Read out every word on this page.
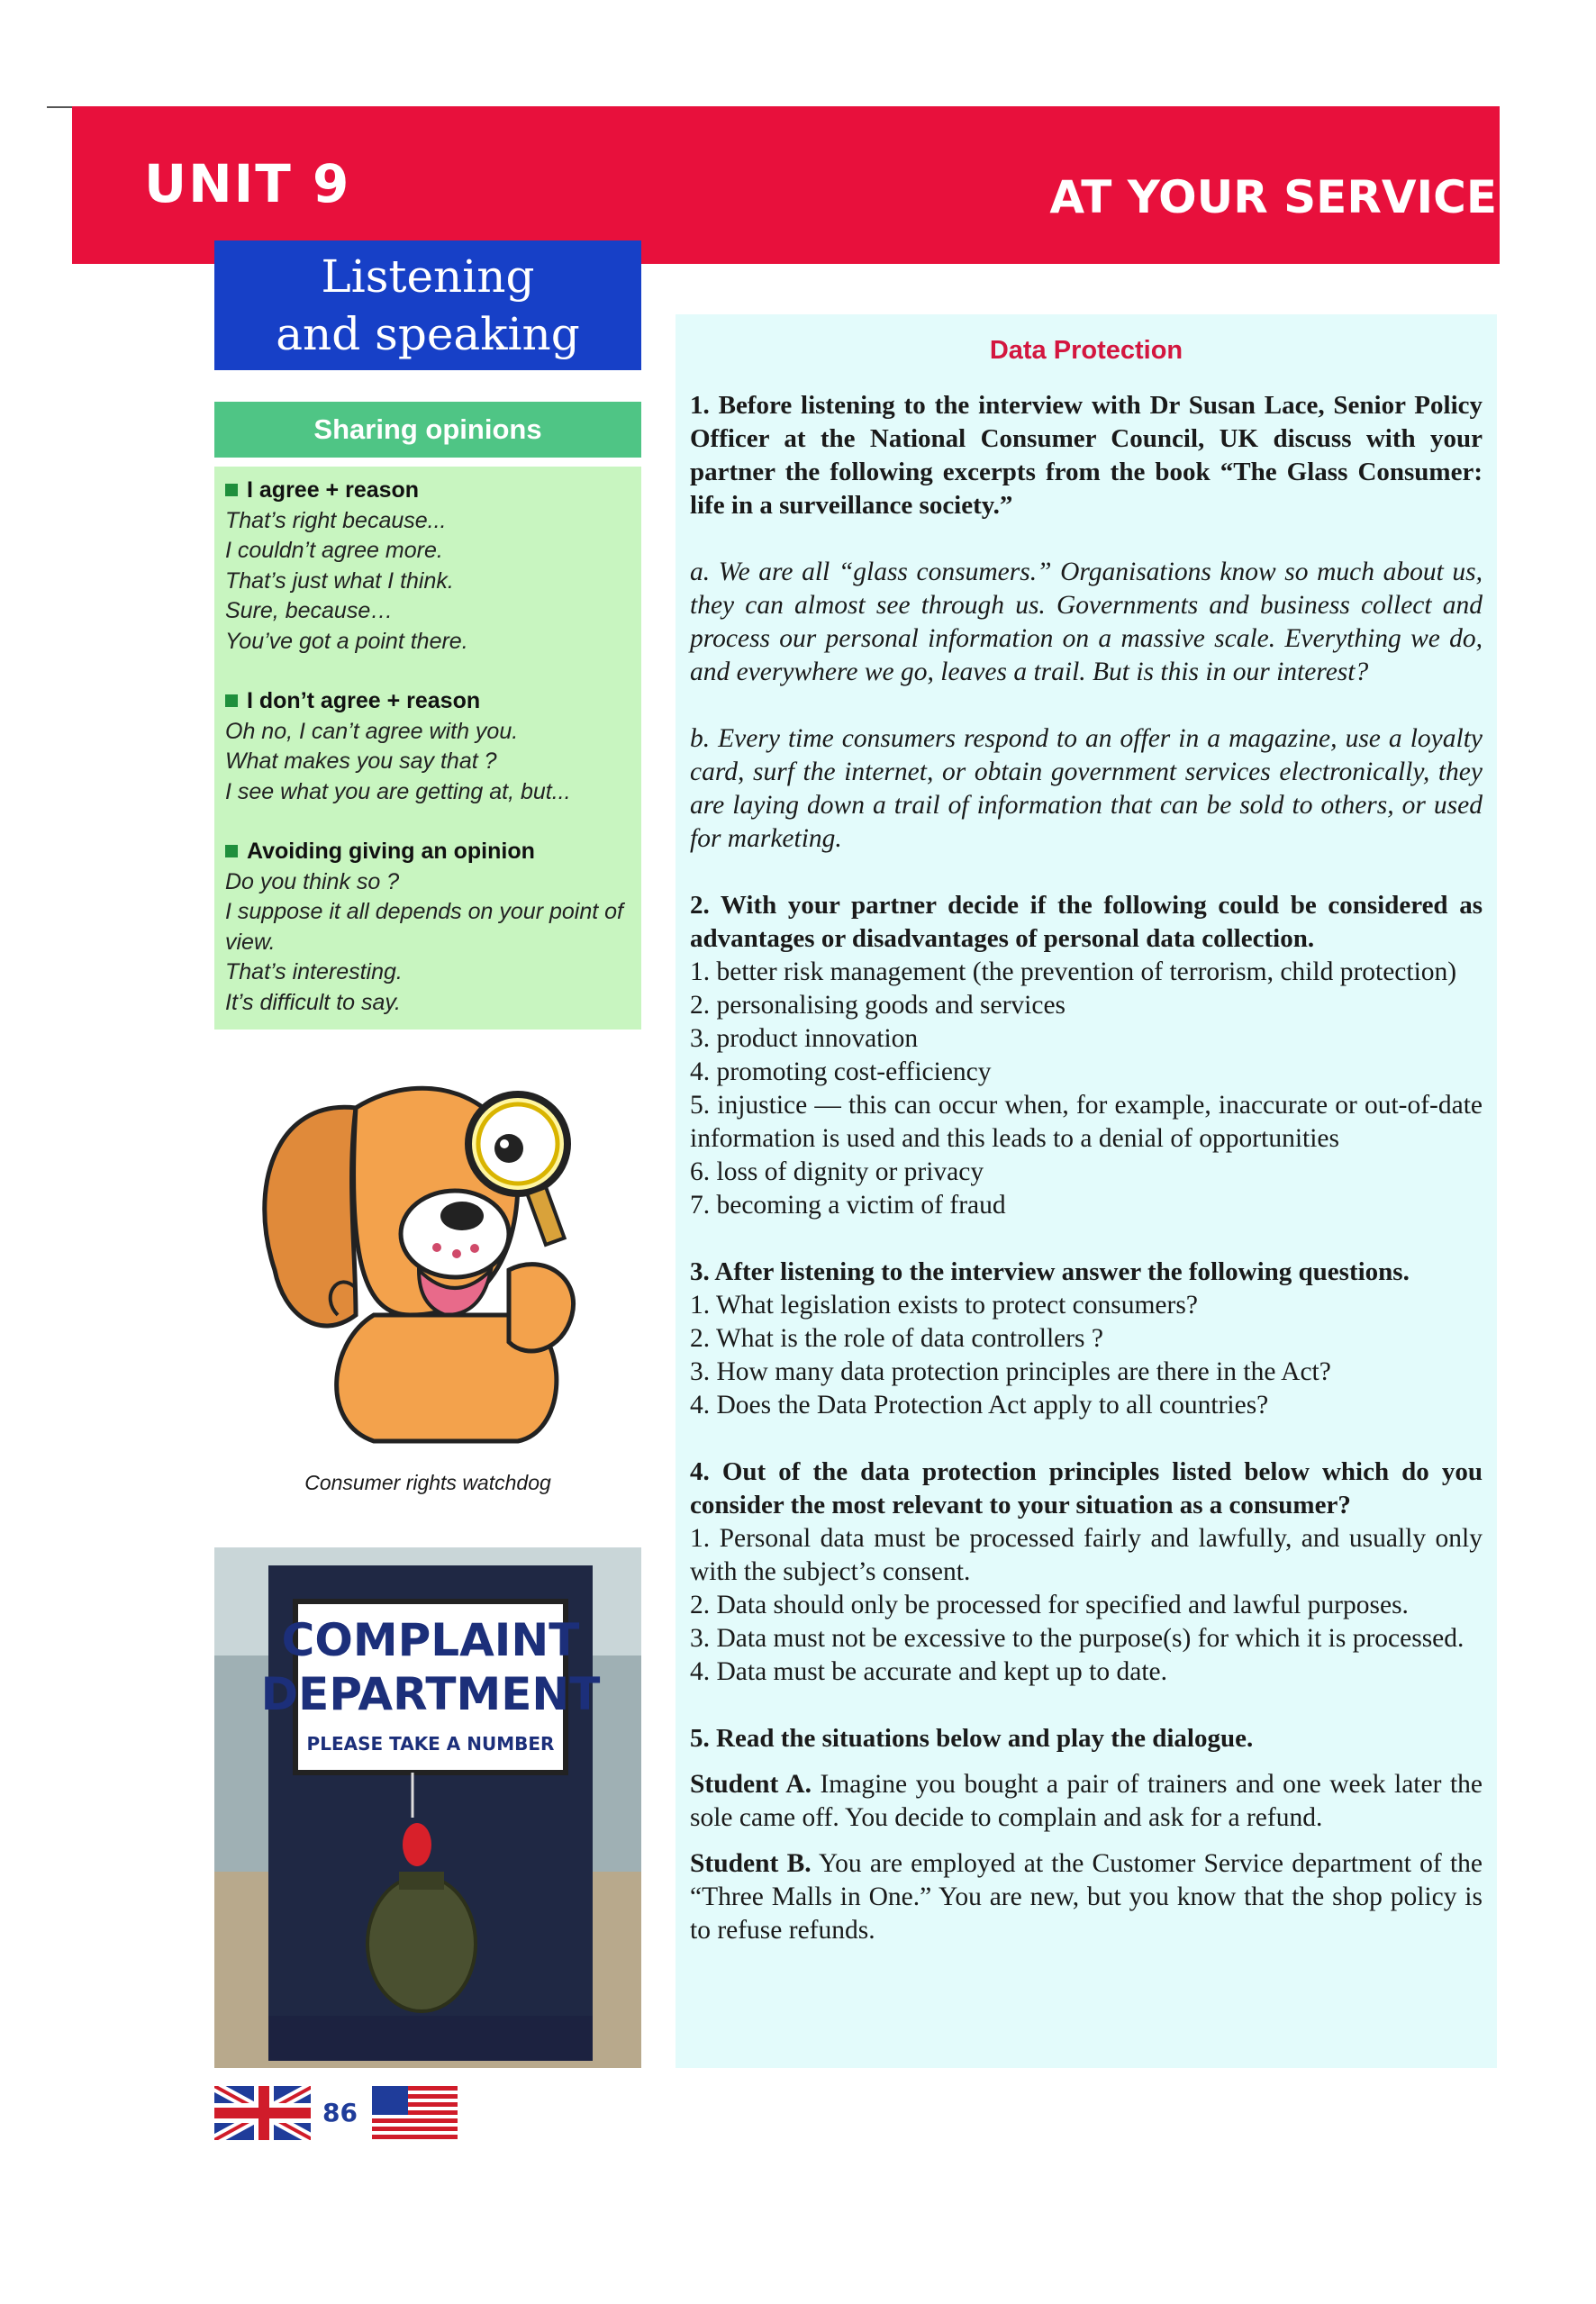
UNIT 9	AT YOUR SERVICE
Listening
and speaking
Sharing opinions
I agree + reason
That’s right because...
I couldn’t agree more.
That’s just what I think.
Sure, because…
You’ve got a point there.
I don’t agree + reason
Oh no, I can’t agree with you.
What makes you say that ?
I see what you are getting at, but...
Avoiding giving an opinion
Do you think so ?
I suppose it all depends on your point of view.
That’s interesting.
It’s difficult to say.
Consumer rights watchdog
COMPLAINT
DEPARTMENT
PLEASE TAKE A NUMBER
86
Data Protection
1. Before listening to the interview with Dr Susan Lace, Senior Policy Officer at the National Consumer Council, UK discuss with your partner the following excerpts from the book “The Glass Consumer: life in a surveillance society.”
a. We are all “glass consumers.” Organisations know so much about us, they can almost see through us. Governments and business collect and process our personal information on a massive scale. Everything we do, and everywhere we go, leaves a trail. But is this in our interest?
b. Every time consumers respond to an offer in a magazine, use a loyalty card, surf the internet, or obtain government services electronically, they are laying down a trail of information that can be sold to others, or used for marketing.
2. With your partner decide if the following could be considered as advantages or disadvantages of personal data collection.
1. better risk management (the prevention of terrorism, child protection)
2. personalising goods and services
3. product innovation
4. promoting cost-efficiency
5. injustice — this can occur when, for example, inaccurate or out-of-date information is used and this leads to a denial of opportunities
6. loss of dignity or privacy
7. becoming a victim of fraud
3. After listening to the interview answer the following questions.
1. What legislation exists to protect consumers?
2. What is the role of data controllers ?
3. How many data protection principles are there in the Act?
4. Does the Data Protection Act apply to all countries?
4. Out of the data protection principles listed below which do you consider the most relevant to your situation as a consumer?
1. Personal data must be processed fairly and lawfully, and usually only with the subject’s consent.
2. Data should only be processed for specified and lawful purposes.
3. Data must not be excessive to the purpose(s) for which it is processed.
4. Data must be accurate and kept up to date.
5. Read the situations below and play the dialogue.
Student A. Imagine you bought a pair of trainers and one week later the sole came off. You decide to complain and ask for a refund.
Student B. You are employed at the Customer Service department of the “Three Malls in One.” You are new, but you know that the shop policy is to refuse refunds.
